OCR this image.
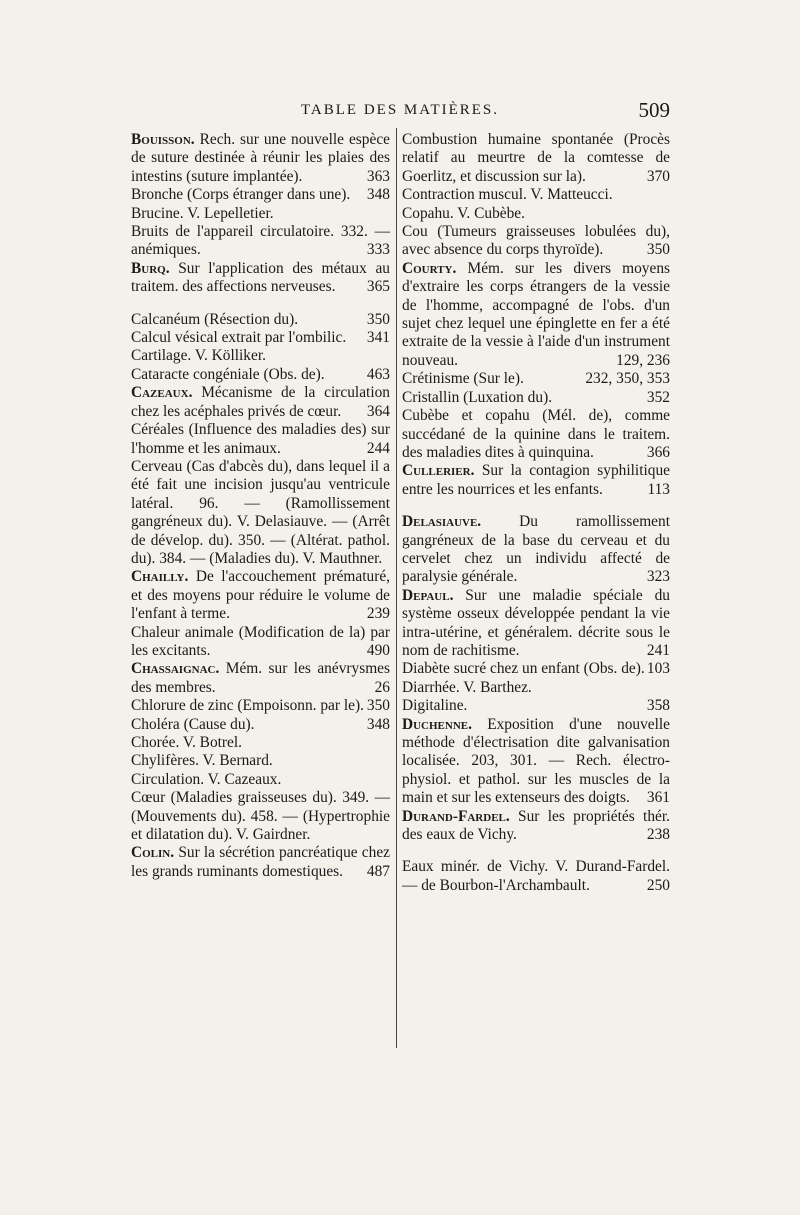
TABLE DES MATIÈRES.	509
Bouisson. Rech. sur une nouvelle espèce de suture destinée à réunir les plaies des intestins (suture implantée).	363
Bronche (Corps étranger dans une). 348
Brucine. V. Lepelletier.
Bruits de l'appareil circulatoire. 332. — anémiques.	333
Burq. Sur l'application des métaux au traitem. des affections nerveuses. 365
Calcanéum (Résection du).	350
Calcul vésical extrait par l'ombilic. 341
Cartilage. V. Kölliker.
Cataracte congéniale (Obs. de).	463
Cazeaux. Mécanisme de la circulation chez les acéphales privés de cœur. 364
Céréales (Influence des maladies des) sur l'homme et les animaux.	244
Cerveau (Cas d'abcès du), dans lequel il a été fait une incision jusqu'au ventricule latéral. 96. — (Ramollissement gangréneux du). V. Delasiauve. — (Arrêt de dévelop. du). 350. — (Altérat. pathol. du). 384. — (Maladies du). V. Mauthner.
Chailly. De l'accouchement prématuré, et des moyens pour réduire le volume de l'enfant à terme.	239
Chaleur animale (Modification de la) par les excitants.	490
Chassaignac. Mém. sur les anévrysmes des membres.	26
Chlorure de zinc (Empoisonn. par le). 350
Choléra (Cause du).	348
Chorée. V. Botrel.
Chylifères. V. Bernard.
Circulation. V. Cazeaux.
Cœur (Maladies graisseuses du). 349. — (Mouvements du). 458. — (Hypertrophie et dilatation du). V. Gairdner.
Colin. Sur la sécrétion pancréatique chez les grands ruminants domestiques. 487
Combustion humaine spontanée (Procès relatif au meurtre de la comtesse de Goerlitz, et discussion sur la).	370
Contraction muscul. V. Matteucci.
Copahu. V. Cubèbe.
Cou (Tumeurs graisseuses lobulées du), avec absence du corps thyroïde).	350
Courty. Mém. sur les divers moyens d'extraire les corps étrangers de la vessie de l'homme, accompagné de l'obs. d'un sujet chez lequel une épinglette en fer a été extraite de la vessie à l'aide d'un instrument nouveau.	129, 236
Crétinisme (Sur le).	232, 350, 353
Cristallin (Luxation du).	352
Cubèbe et copahu (Mél. de), comme succédané de la quinine dans le traitem. des maladies dites à quinquina.	366
Cullerier. Sur la contagion syphilitique entre les nourrices et les enfants.	113
Delasiauve. Du ramollissement gangréneux de la base du cerveau et du cervelet chez un individu affecté de paralysie générale.	323
Depaul. Sur une maladie spéciale du système osseux développée pendant la vie intra-utérine, et généralem. décrite sous le nom de rachitisme.	241
Diabète sucré chez un enfant (Obs. de). 103
Diarrhée. V. Barthez.
Digitaline.	358
Duchenne. Exposition d'une nouvelle méthode d'électrisation dite galvanisation localisée. 203, 301. — Rech. électro-physiol. et pathol. sur les muscles de la main et sur les extenseurs des doigts. 361
Durand-Fardel. Sur les propriétés thér. des eaux de Vichy.	238
Eaux minér. de Vichy. V. Durand-Fardel. — de Bourbon-l'Archambault.	250
